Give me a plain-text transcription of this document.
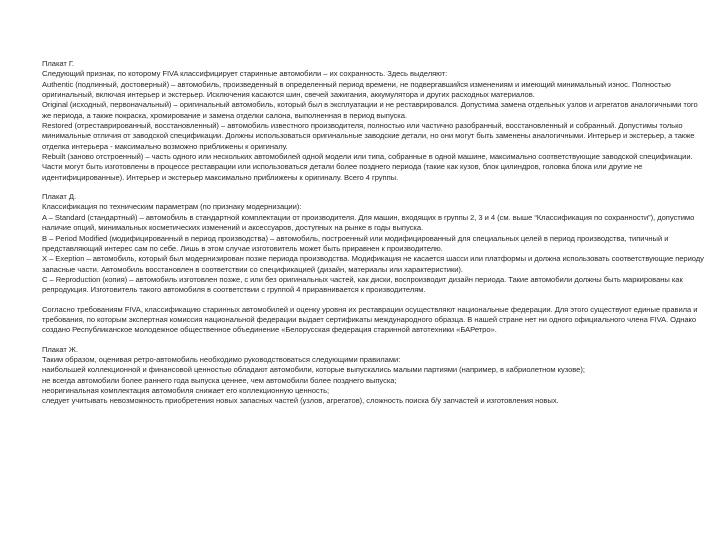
Плакат Г.

Следующий признак, по которому FIVA классифицирует старинные автомобили – их сохранность. Здесь выделяют:

Authentic (подлинный, достоверный) – автомобиль, произведенный в определенный период времени, не подвергавшийся изменениям и имеющий минимальный износ. Полностью оригинальный, включая интерьер и экстерьер. Исключения касаются шин, свечей зажигания, аккумулятора и других расходных материалов.

Original (исходный, первоначальный) – оригинальный автомобиль, который был в эксплуатации и не реставрировался. Допустима замена отдельных узлов и агрегатов аналогичными того же периода, а также покраска, хромирование и замена отделки салона, выполненная в период выпуска.

Restored (отреставрированный, восстановленный) – автомобиль известного производителя, полностью или частично разобранный, восстановленный и собранный. Допустимы только минимальные отличия от заводской спецификации. Должны использоваться оригинальные заводские детали, но они могут быть заменены аналогичными. Интерьер и экстерьер, а также отделка интерьера - максимально возможно приближены к оригиналу.

Rebuilt (заново отстроенный) – часть одного или нескольких автомобилей одной модели или типа, собранные в одной машине, максимально соответствующие заводской спецификации. Части могут быть изготовлены в процессе реставрации или использоваться детали более позднего периода (такие как кузов, блок цилиндров, головка блока или другие не идентифицированные). Интерьер и экстерьер максимально приближены к оригиналу. Всего 4 группы.

Плакат Д.

Классификация по техническим параметрам (по признаку модернизации):

A – Standard (стандартный) – автомобиль в стандартной комплектации от производителя. Для машин, входящих в группы 2, 3 и 4 (см. выше “Классификация по сохранности”), допустимо наличие опций, минимальных косметических изменений и аксессуаров, доступных на рынке в годы выпуска.

B – Period Modified (модифицированный в период производства) – автомобиль, построенный или модифицированный для специальных целей в период производства, типичный и представляющий интерес сам по себе. Лишь в этом случае изготовитель может быть приравнен к производителю.

X – Exeption – автомобиль, который был модернизирован позже периода производства. Модификация не касается шасси или платформы и должна использовать соответствующие периоду запасные части. Автомобиль восстановлен в соответствии со спецификацией (дизайн, материалы или характеристики).

C – Reproduction (копия) – автомобиль изготовлен позже, с или без оригинальных частей, как диски, воспроизводит дизайн периода. Такие автомобили должны быть маркированы как репродукция. Изготовитель такого автомобиля в соответствии с группой 4 приравнивается к производителям.

Согласно требованиям FIVA, классификацию старинных автомобилей и оценку уровня их реставрации осуществляют национальные федерации. Для этого существуют единые правила и требования, по которым экспертная комиссия национальной федерации выдает сертификаты международного образца. В нашей стране нет ни одного официального члена FIVA. Однако создано Республиканское молодежное общественное объединение «Белорусская федерация старинной автотехники «БАРетро».

Плакат Ж.

Таким образом, оценивая ретро-автомобиль необходимо руководствоваться следующими правилами:

наибольшей коллекционной и финансовой ценностью обладают автомобили, которые выпускались малыми партиями (например, в кабриолетном кузове);

не всегда автомобили более раннего года выпуска ценнее, чем автомобили более позднего выпуска;

неоригинальная комплектация автомобиля снижает его коллекционную ценность;

следует учитывать невозможность приобретения новых запасных частей (узлов, агрегатов), сложность поиска б/у запчастей и изготовления новых.
